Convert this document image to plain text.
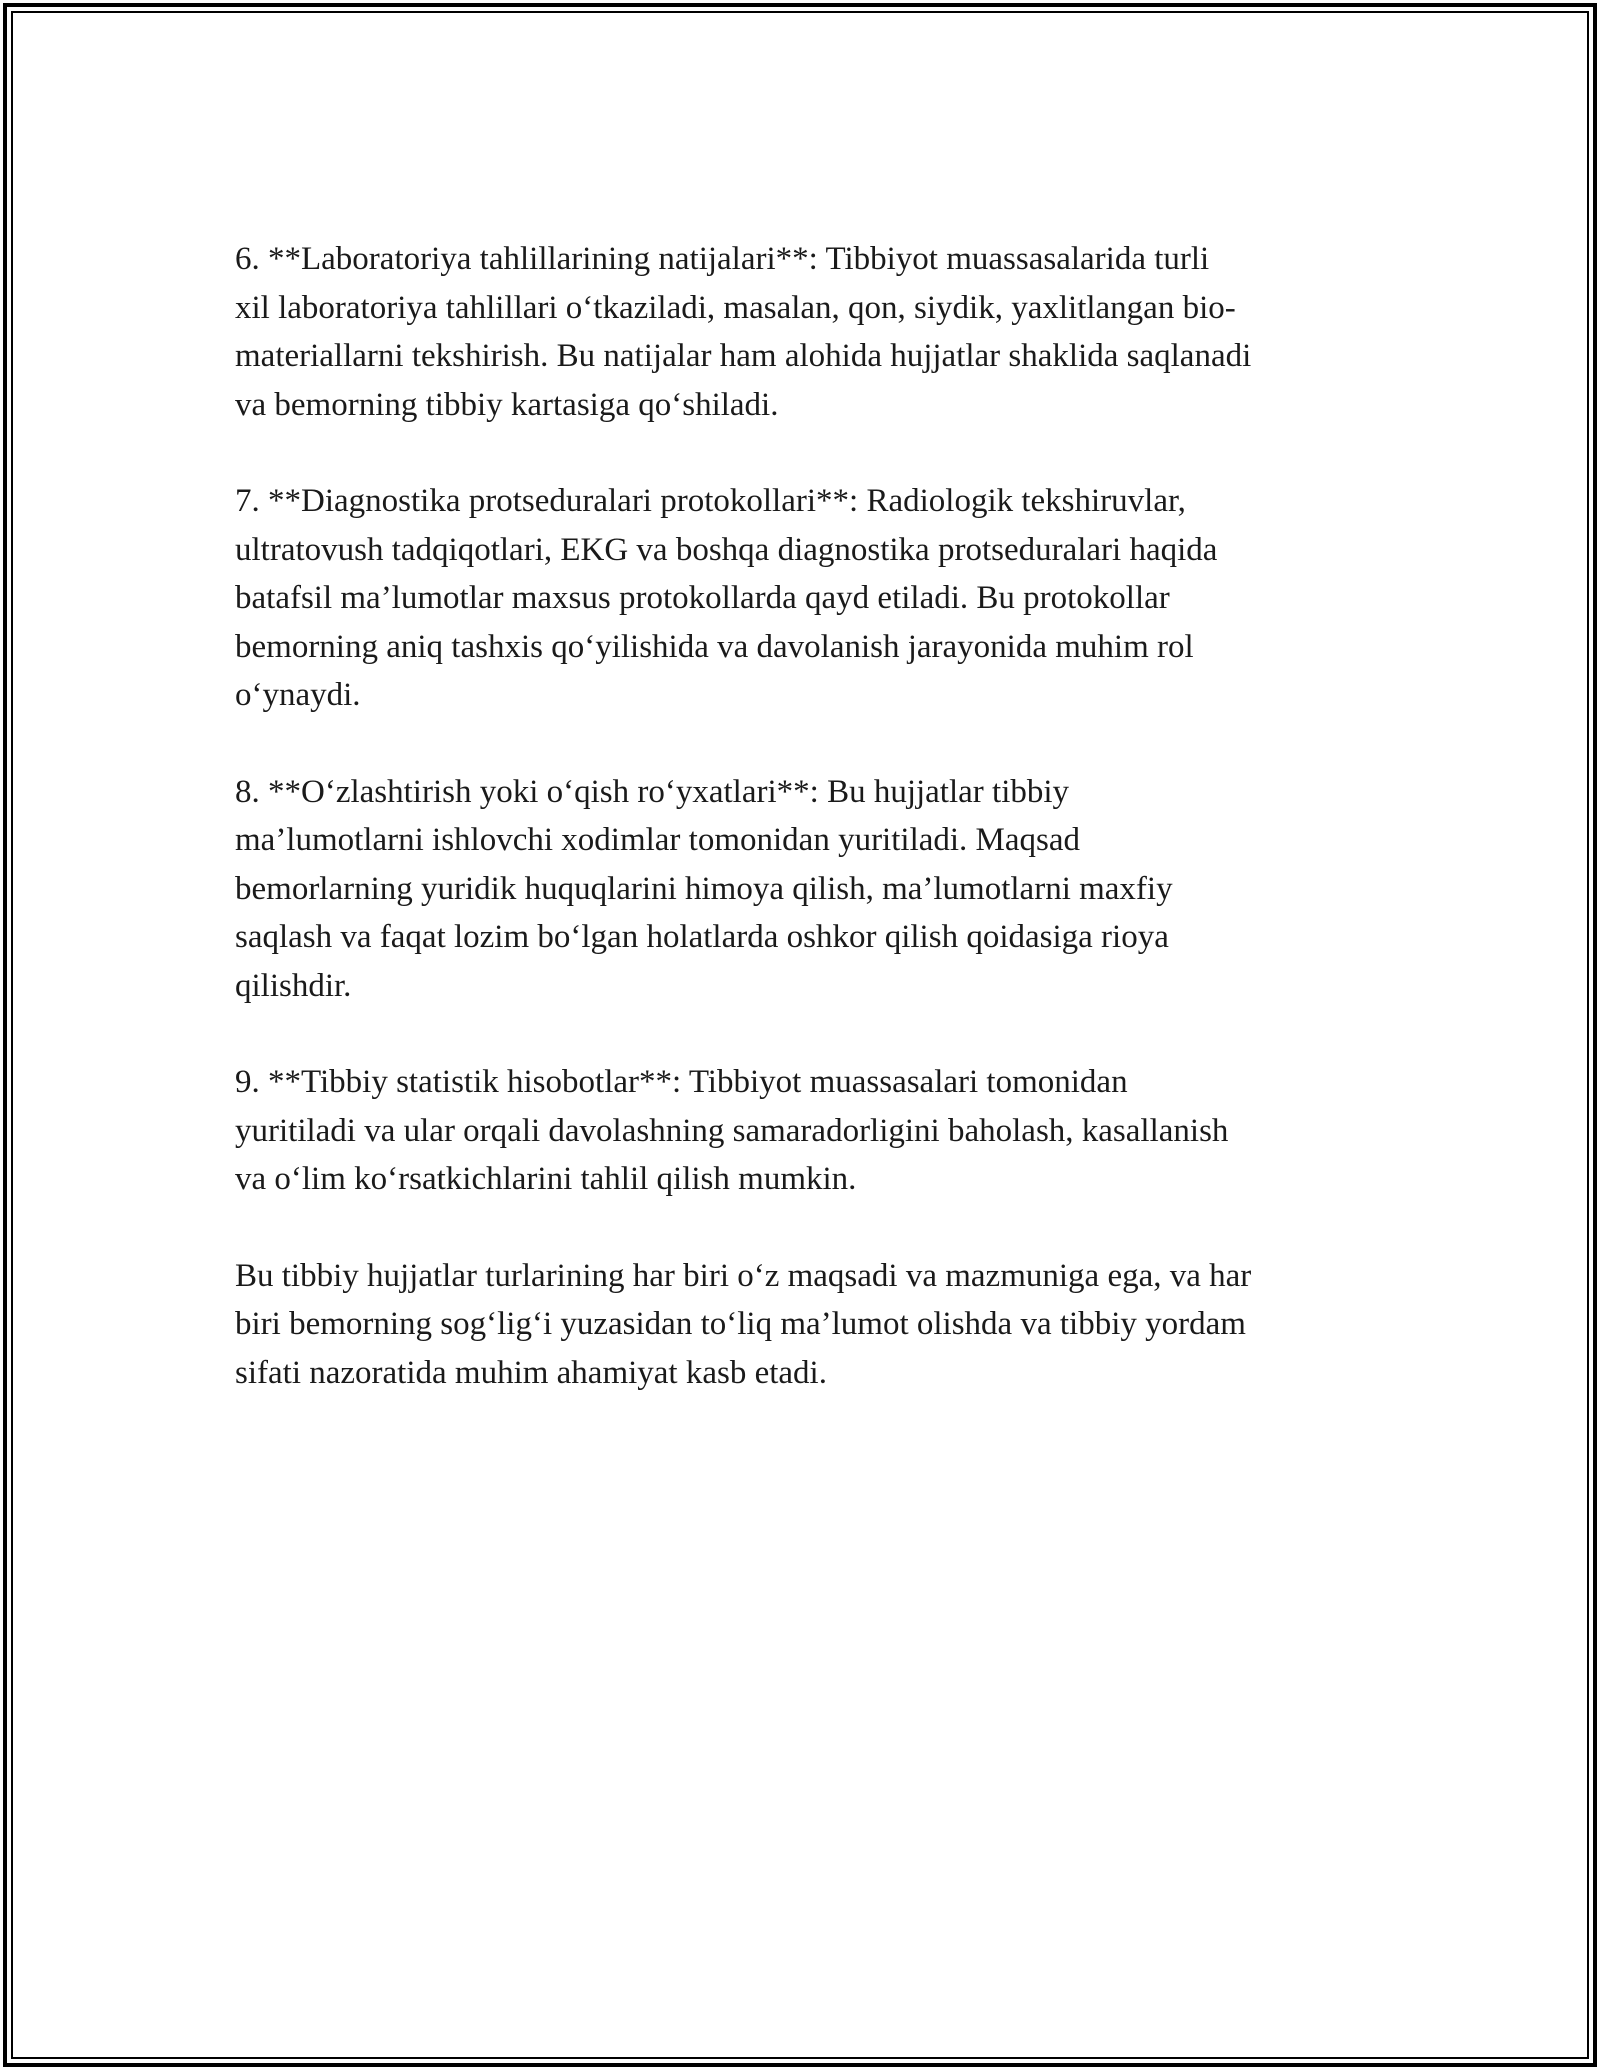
6. **Laboratoriya tahlillarining natijalari**: Tibbiyot muassasalarida turli
xil laboratoriya tahlillari o‘tkaziladi, masalan, qon, siydik, yaxlitlangan bio-
materiallarni tekshirish. Bu natijalar ham alohida hujjatlar shaklida saqlanadi
va bemorning tibbiy kartasiga qo‘shiladi.

7. **Diagnostika protseduralari protokollari**: Radiologik tekshiruvlar,
ultratovush tadqiqotlari, EKG va boshqa diagnostika protseduralari haqida
batafsil ma’lumotlar maxsus protokollarda qayd etiladi. Bu protokollar
bemorning aniq tashxis qo‘yilishida va davolanish jarayonida muhim rol
o‘ynaydi.

8. **O‘zlashtirish yoki o‘qish ro‘yxatlari**: Bu hujjatlar tibbiy
ma’lumotlarni ishlovchi xodimlar tomonidan yuritiladi. Maqsad
bemorlarning yuridik huquqlarini himoya qilish, ma’lumotlarni maxfiy
saqlash va faqat lozim bo‘lgan holatlarda oshkor qilish qoidasiga rioya
qilishdir.

9. **Tibbiy statistik hisobotlar**: Tibbiyot muassasalari tomonidan
yuritiladi va ular orqali davolashning samaradorligini baholash, kasallanish
va o‘lim ko‘rsatkichlarini tahlil qilish mumkin.

Bu tibbiy hujjatlar turlarining har biri o‘z maqsadi va mazmuniga ega, va har
biri bemorning sog‘lig‘i yuzasidan to‘liq ma’lumot olishda va tibbiy yordam
sifati nazoratida muhim ahamiyat kasb etadi.
